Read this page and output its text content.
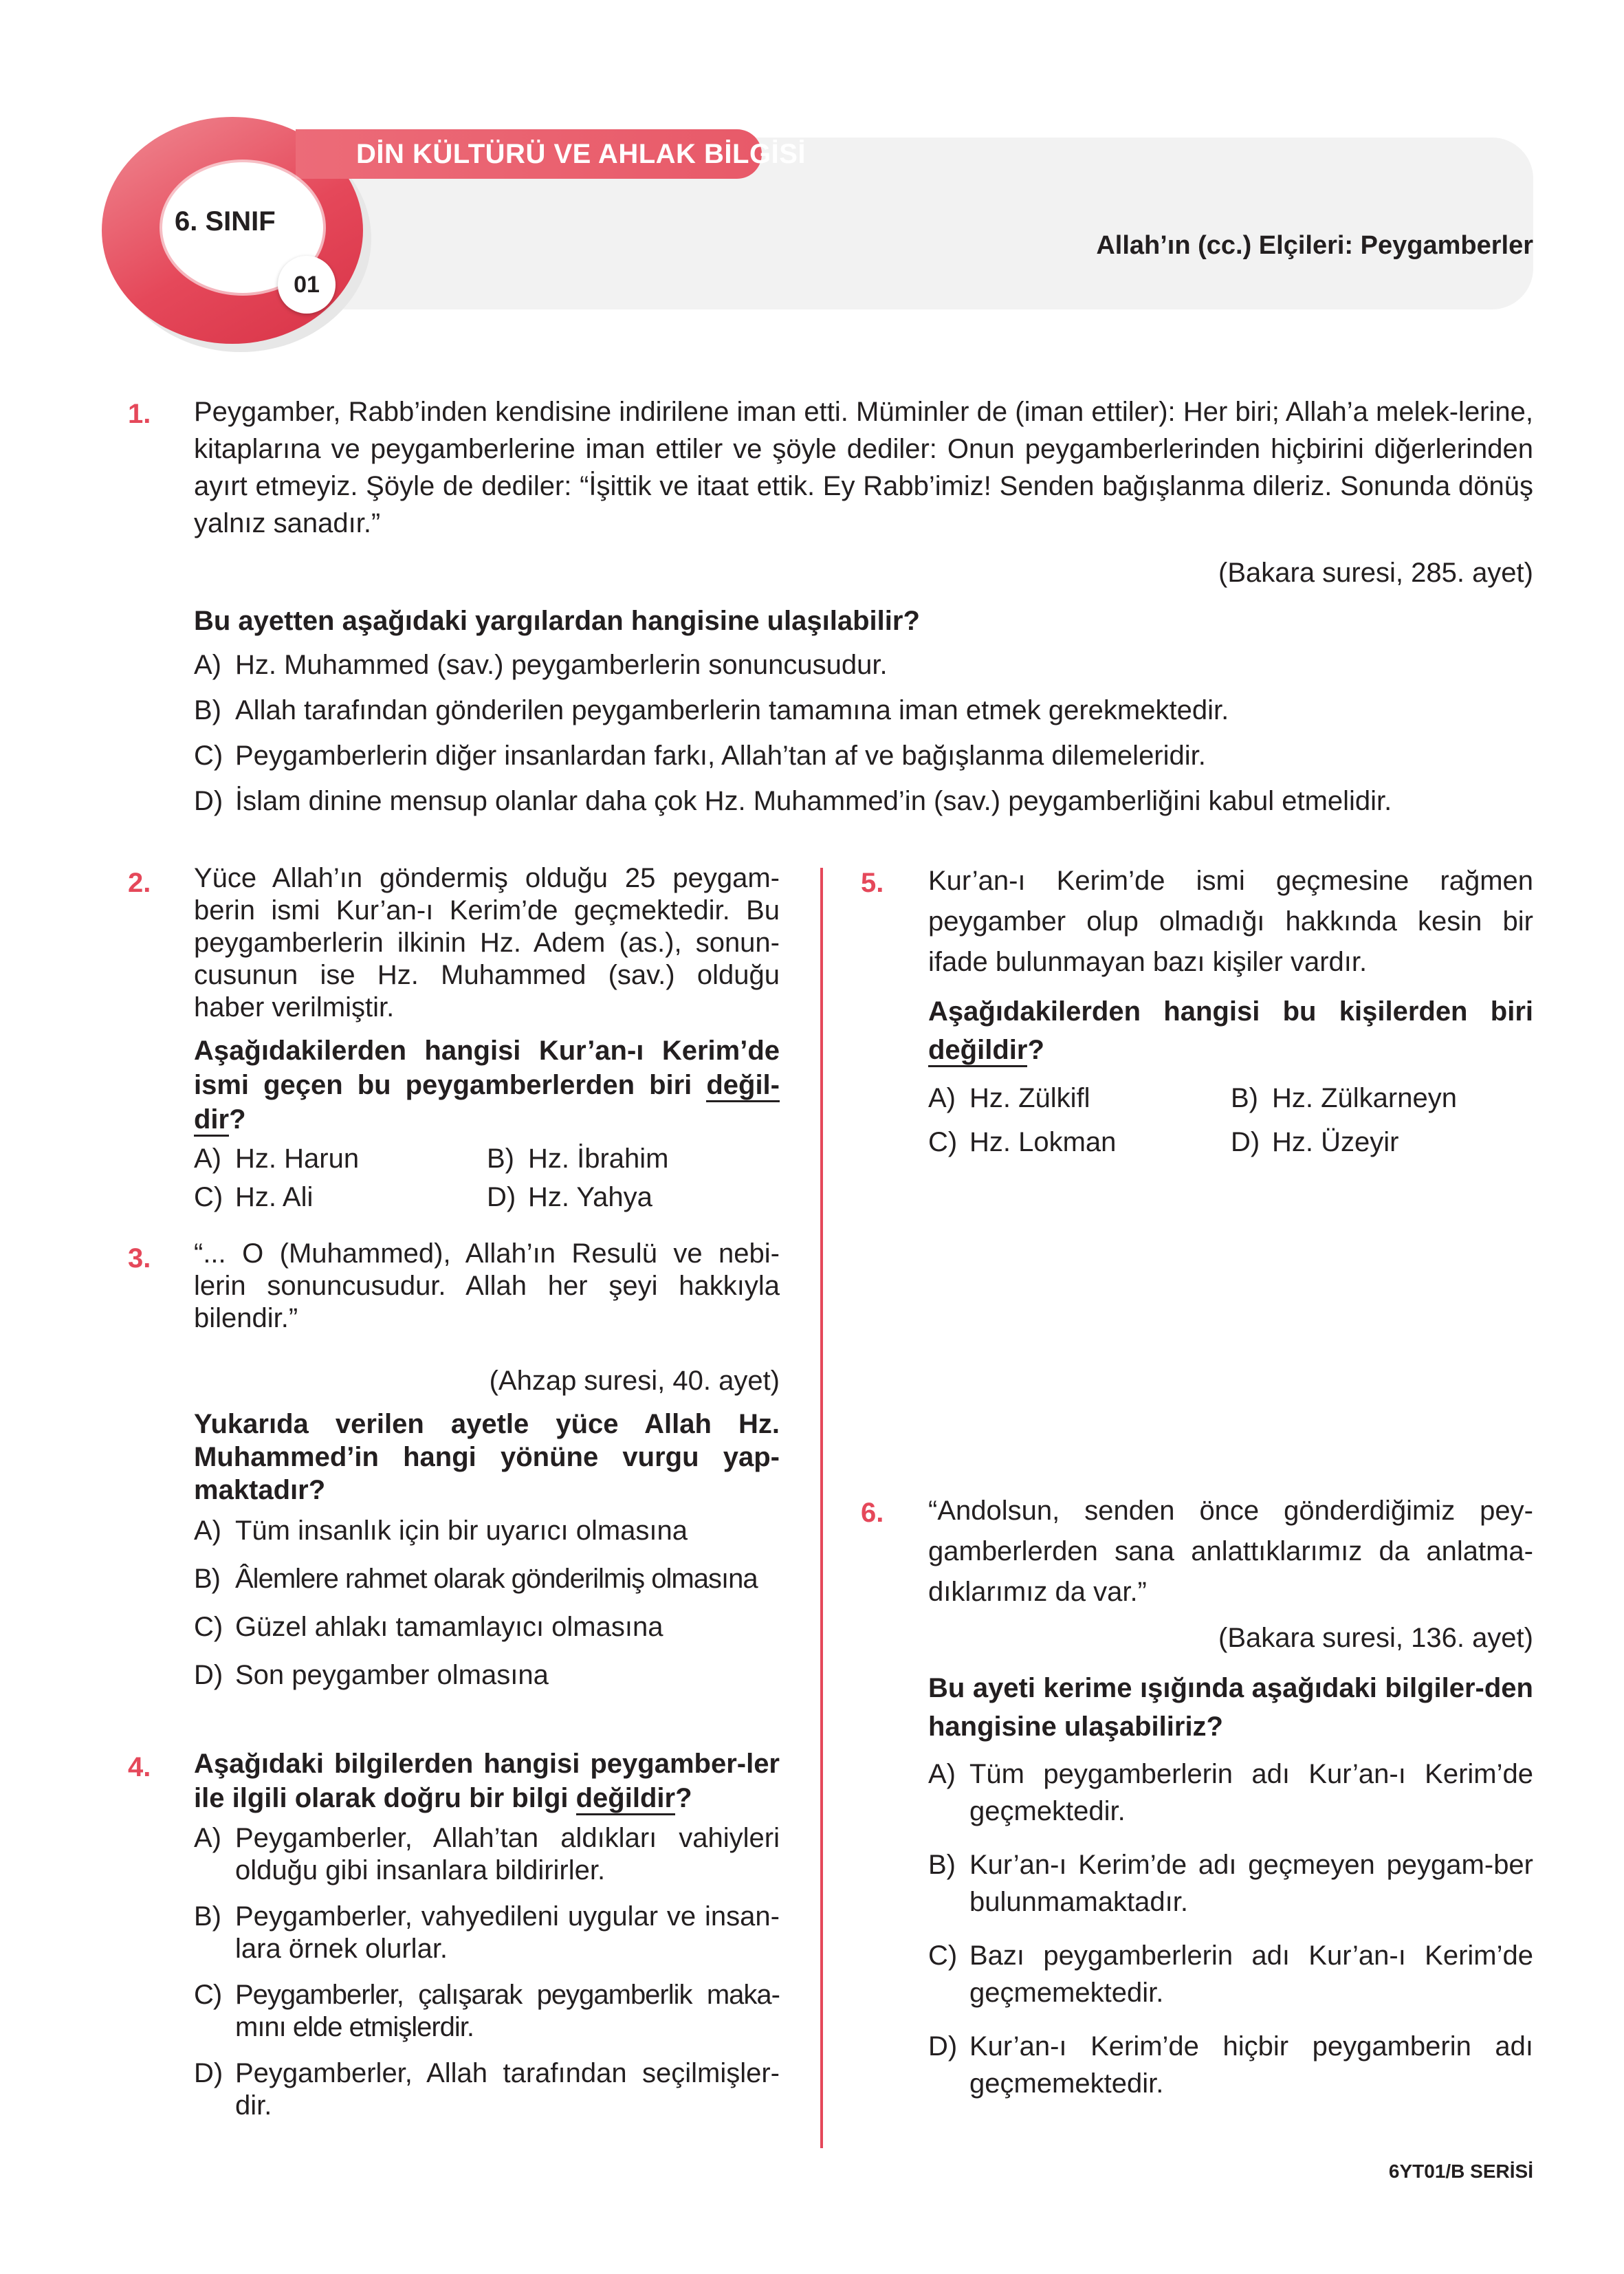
DİN KÜLTÜRÜ VE AHLAK BİLGİSİ
6. SINIF
01
Allah’ın (cc.) Elçileri: Peygamberler
1. Peygamber, Rabb’inden kendisine indirilene iman etti. Müminler de (iman ettiler): Her biri; Allah’a melek-lerine, kitaplarına ve peygamberlerine iman ettiler ve şöyle dediler: Onun peygamberlerinden hiçbirini diğerlerinden ayırt etmeyiz. Şöyle de dediler: “İşittik ve itaat ettik. Ey Rabb’imiz! Senden bağışlanma dileriz. Sonunda dönüş yalnız sanadır.”
(Bakara suresi, 285. ayet)
Bu ayetten aşağıdaki yargılardan hangisine ulaşılabilir?
A) Hz. Muhammed (sav.) peygamberlerin sonuncusudur.
B) Allah tarafından gönderilen peygamberlerin tamamına iman etmek gerekmektedir.
C) Peygamberlerin diğer insanlardan farkı, Allah’tan af ve bağışlanma dilemeleridir.
D) İslam dinine mensup olanlar daha çok Hz. Muhammed’in (sav.) peygamberliğini kabul etmelidir.
2. Yüce Allah’ın göndermiş olduğu 25 peygam-berin ismi Kur’an-ı Kerim’de geçmektedir. Bu peygamberlerin ilkinin Hz. Adem (as.), sonun-cusunun ise Hz. Muhammed (sav.) olduğu haber verilmiştir.
Aşağıdakilerden hangisi Kur’an-ı Kerim’de ismi geçen bu peygamberlerden biri değil-dir?
A) Hz. Harun	B) Hz. İbrahim
C) Hz. Ali	D) Hz. Yahya
3. “... O (Muhammed), Allah’ın Resulü ve nebi-lerin sonuncusudur. Allah her şeyi hakkıyla bilendir.”
(Ahzap suresi, 40. ayet)
Yukarıda verilen ayetle yüce Allah Hz. Muhammed’in hangi yönüne vurgu yap-maktadır?
A) Tüm insanlık için bir uyarıcı olmasına
B) Âlemlere rahmet olarak gönderilmiş olmasına
C) Güzel ahlakı tamamlayıcı olmasına
D) Son peygamber olmasına
4. Aşağıdaki bilgilerden hangisi peygamber-ler ile ilgili olarak doğru bir bilgi değildir?
A) Peygamberler, Allah’tan aldıkları vahiyleri olduğu gibi insanlara bildirirler.
B) Peygamberler, vahyedileni uygular ve insan-lara örnek olurlar.
C) Peygamberler, çalışarak peygamberlik maka-mını elde etmişlerdir.
D) Peygamberler, Allah tarafından seçilmişler-dir.
5. Kur’an-ı Kerim’de ismi geçmesine rağmen peygamber olup olmadığı hakkında kesin bir ifade bulunmayan bazı kişiler vardır.
Aşağıdakilerden hangisi bu kişilerden biri değildir?
A) Hz. Zülkifl	B) Hz. Zülkarneyn
C) Hz. Lokman	D) Hz. Üzeyir
6. “Andolsun, senden önce gönderdiğimiz pey-gamberlerden sana anlattıklarımız da anlatma-dıklarımız da var.”
(Bakara suresi, 136. ayet)
Bu ayeti kerime ışığında aşağıdaki bilgiler-den hangisine ulaşabiliriz?
A) Tüm peygamberlerin adı Kur’an-ı Kerim’de geçmektedir.
B) Kur’an-ı Kerim’de adı geçmeyen peygam-ber bulunmamaktadır.
C) Bazı peygamberlerin adı Kur’an-ı Kerim’de geçmemektedir.
D) Kur’an-ı Kerim’de hiçbir peygamberin adı geçmemektedir.
6YT01/B SERİSİ
